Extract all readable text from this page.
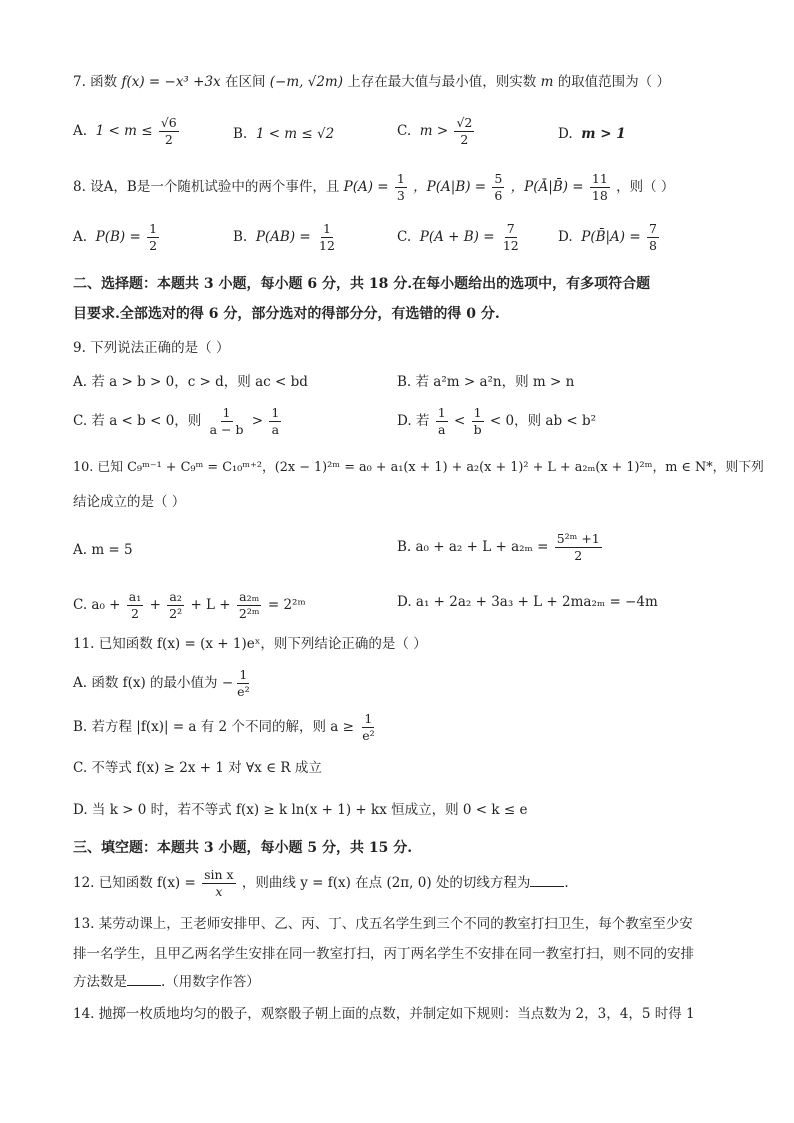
7. 函数 f(x) = −x³ +3x 在区间 (−m, √2m) 上存在最大值与最小值，则实数 m 的取值范围为（ ）
A. $1 < m \le \frac{√6}{2}$	B. 1 < m ≤ √2	C. $m > \frac{√2}{2}$	D. m > 1
8. 设A，B是一个随机试验中的两个事件，且 $P(A) = \frac{1}{3}$ ，$P(A|B) = \frac{5}{6}$ ，P(Ā|B̄) = $\frac{11}{18}$ ，则（ ）
A. $P(B) = \frac{1}{2}$	B. $P(AB) = \frac{1}{12}$	C. $P(A + B) = \frac{7}{12}$	D. P(B̄|A) = $\frac{7}{8}$
二、选择题：本题共 3 小题，每小题 6 分，共 18 分.在每小题给出的选项中，有多项符合题
目要求.全部选对的得 6 分，部分选对的得部分分，有选错的得 0 分.
9. 下列说法正确的是（ ）
A. 若 a > b > 0，c > d，则 ac < bd	B. 若 a²m > a²n，则 m > n
C. 若 a < b < 0，则 $\frac{1}{a - b} > \frac{1}{a}$	D. 若 $\frac{1}{a} < \frac{1}{b} < 0$，则 ab < b²
10. 已知 C₉ᵐ⁻¹ + C₉ᵐ = C₁₀ᵐ⁺²，(2x − 1)²ᵐ = a₀ + a₁(x + 1) + a₂(x + 1)² + L + a₂ₘ(x + 1)²ᵐ，m ∈ N*，则下列
结论成立的是（ ）
A. m = 5	B. $a_0 + a_2 + L + a_{2m} = \frac{\text{5²ᵐ +1}}{2}$
C. $a_0 + \frac{\text{a₁}}{2} + \frac{\text{a₂}}{\text{2²}} + L + \frac{\text{a₂ₘ}}{\text{2²ᵐ}}$ = 2²ᵐ	D. a₁ + 2a₂ + 3a₃ + L + 2ma₂ₘ = −4m
11. 已知函数 f(x) = (x + 1)eˣ，则下列结论正确的是（ ）
A. 函数 f(x) 的最小值为 − $\frac{1}{\text{e²}}$
B. 若方程 |f(x)| = a 有 2 个不同的解，则 $a \ge \frac{1}{\text{e²}}$
C. 不等式 f(x) ≥ 2x + 1 对 ∀x ∈ R 成立
D. 当 k > 0 时，若不等式 f(x) ≥ k ln(x + 1) + kx 恒成立，则 0 < k ≤ e
三、填空题：本题共 3 小题，每小题 5 分，共 15 分.
12. 已知函数 $f(x) = \frac{\text{sin x}}{x}$ ，则曲线 y = f(x) 在点 (2π, 0) 处的切线方程为	.
13. 某劳动课上，王老师安排甲、乙、丙、丁、戊五名学生到三个不同的教室打扫卫生，每个教室至少安
排一名学生，且甲乙两名学生安排在同一教室打扫，丙丁两名学生不安排在同一教室打扫，则不同的安排
方法数是	.（用数字作答）
14. 抛掷一枚质地均匀的骰子，观察骰子朝上面的点数，并制定如下规则：当点数为 2，3，4，5 时得 1
